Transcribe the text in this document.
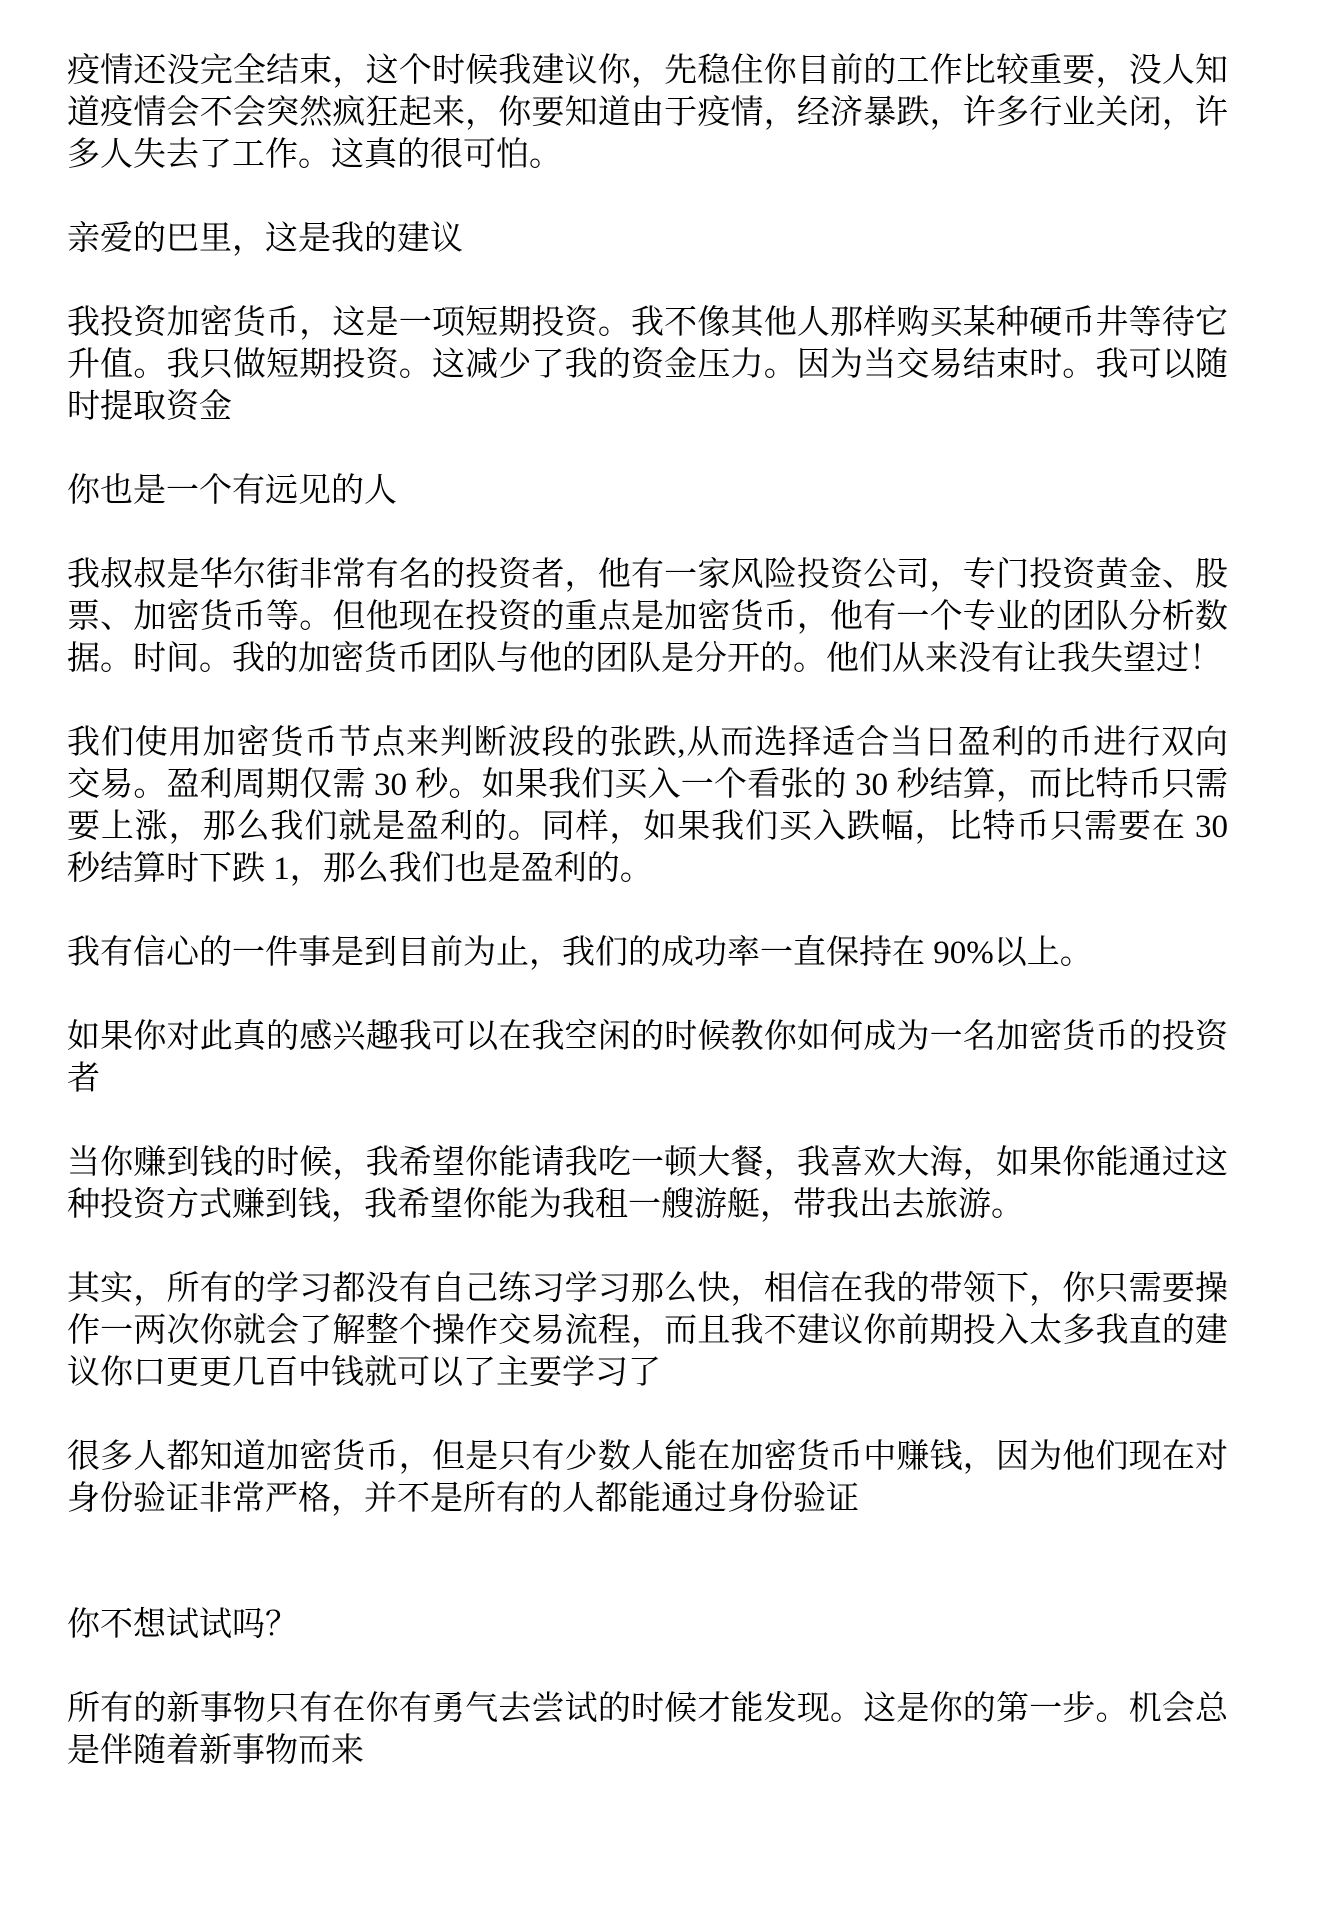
疫情还没完全结束，这个时候我建议你，先稳住你目前的工作比较重要，没人知道疫情会不会突然疯狂起来，你要知道由于疫情，经济暴跌，许多行业关闭，许多人失去了工作。这真的很可怕。

亲爱的巴里，这是我的建议

我投资加密货币，这是一项短期投资。我不像其他人那样购买某种硬币井等待它升值。我只做短期投资。这减少了我的资金压力。因为当交易结束时。我可以随时提取资金

你也是一个有远见的人

我叔叔是华尔街非常有名的投资者，他有一家风险投资公司，专门投资黄金、股票、加密货币等。但他现在投资的重点是加密货币，他有一个专业的团队分析数据。时间。我的加密货币团队与他的团队是分开的。他们从来没有让我失望过！

我们使用加密货币节点来判断波段的张跌,从而选择适合当日盈利的币进行双向交易。盈利周期仅需 30 秒。如果我们买入一个看张的 30 秒结算，而比特币只需要上涨，那么我们就是盈利的。同样，如果我们买入跌幅，比特币只需要在 30 秒结算时下跌 1，那么我们也是盈利的。

我有信心的一件事是到目前为止，我们的成功率一直保持在 90%以上。

如果你对此真的感兴趣我可以在我空闲的时候教你如何成为一名加密货币的投资者

当你赚到钱的时候，我希望你能请我吃一顿大餐，我喜欢大海，如果你能通过这种投资方式赚到钱，我希望你能为我租一艘游艇，带我出去旅游。

其实，所有的学习都没有自己练习学习那么快，相信在我的带领下，你只需要操作一两次你就会了解整个操作交易流程，而且我不建议你前期投入太多我直的建议你口更更几百中钱就可以了主要学习了

很多人都知道加密货币，但是只有少数人能在加密货币中赚钱，因为他们现在对身份验证非常严格，并不是所有的人都能通过身份验证

你不想试试吗？

所有的新事物只有在你有勇气去尝试的时候才能发现。这是你的第一步。机会总是伴随着新事物而来
